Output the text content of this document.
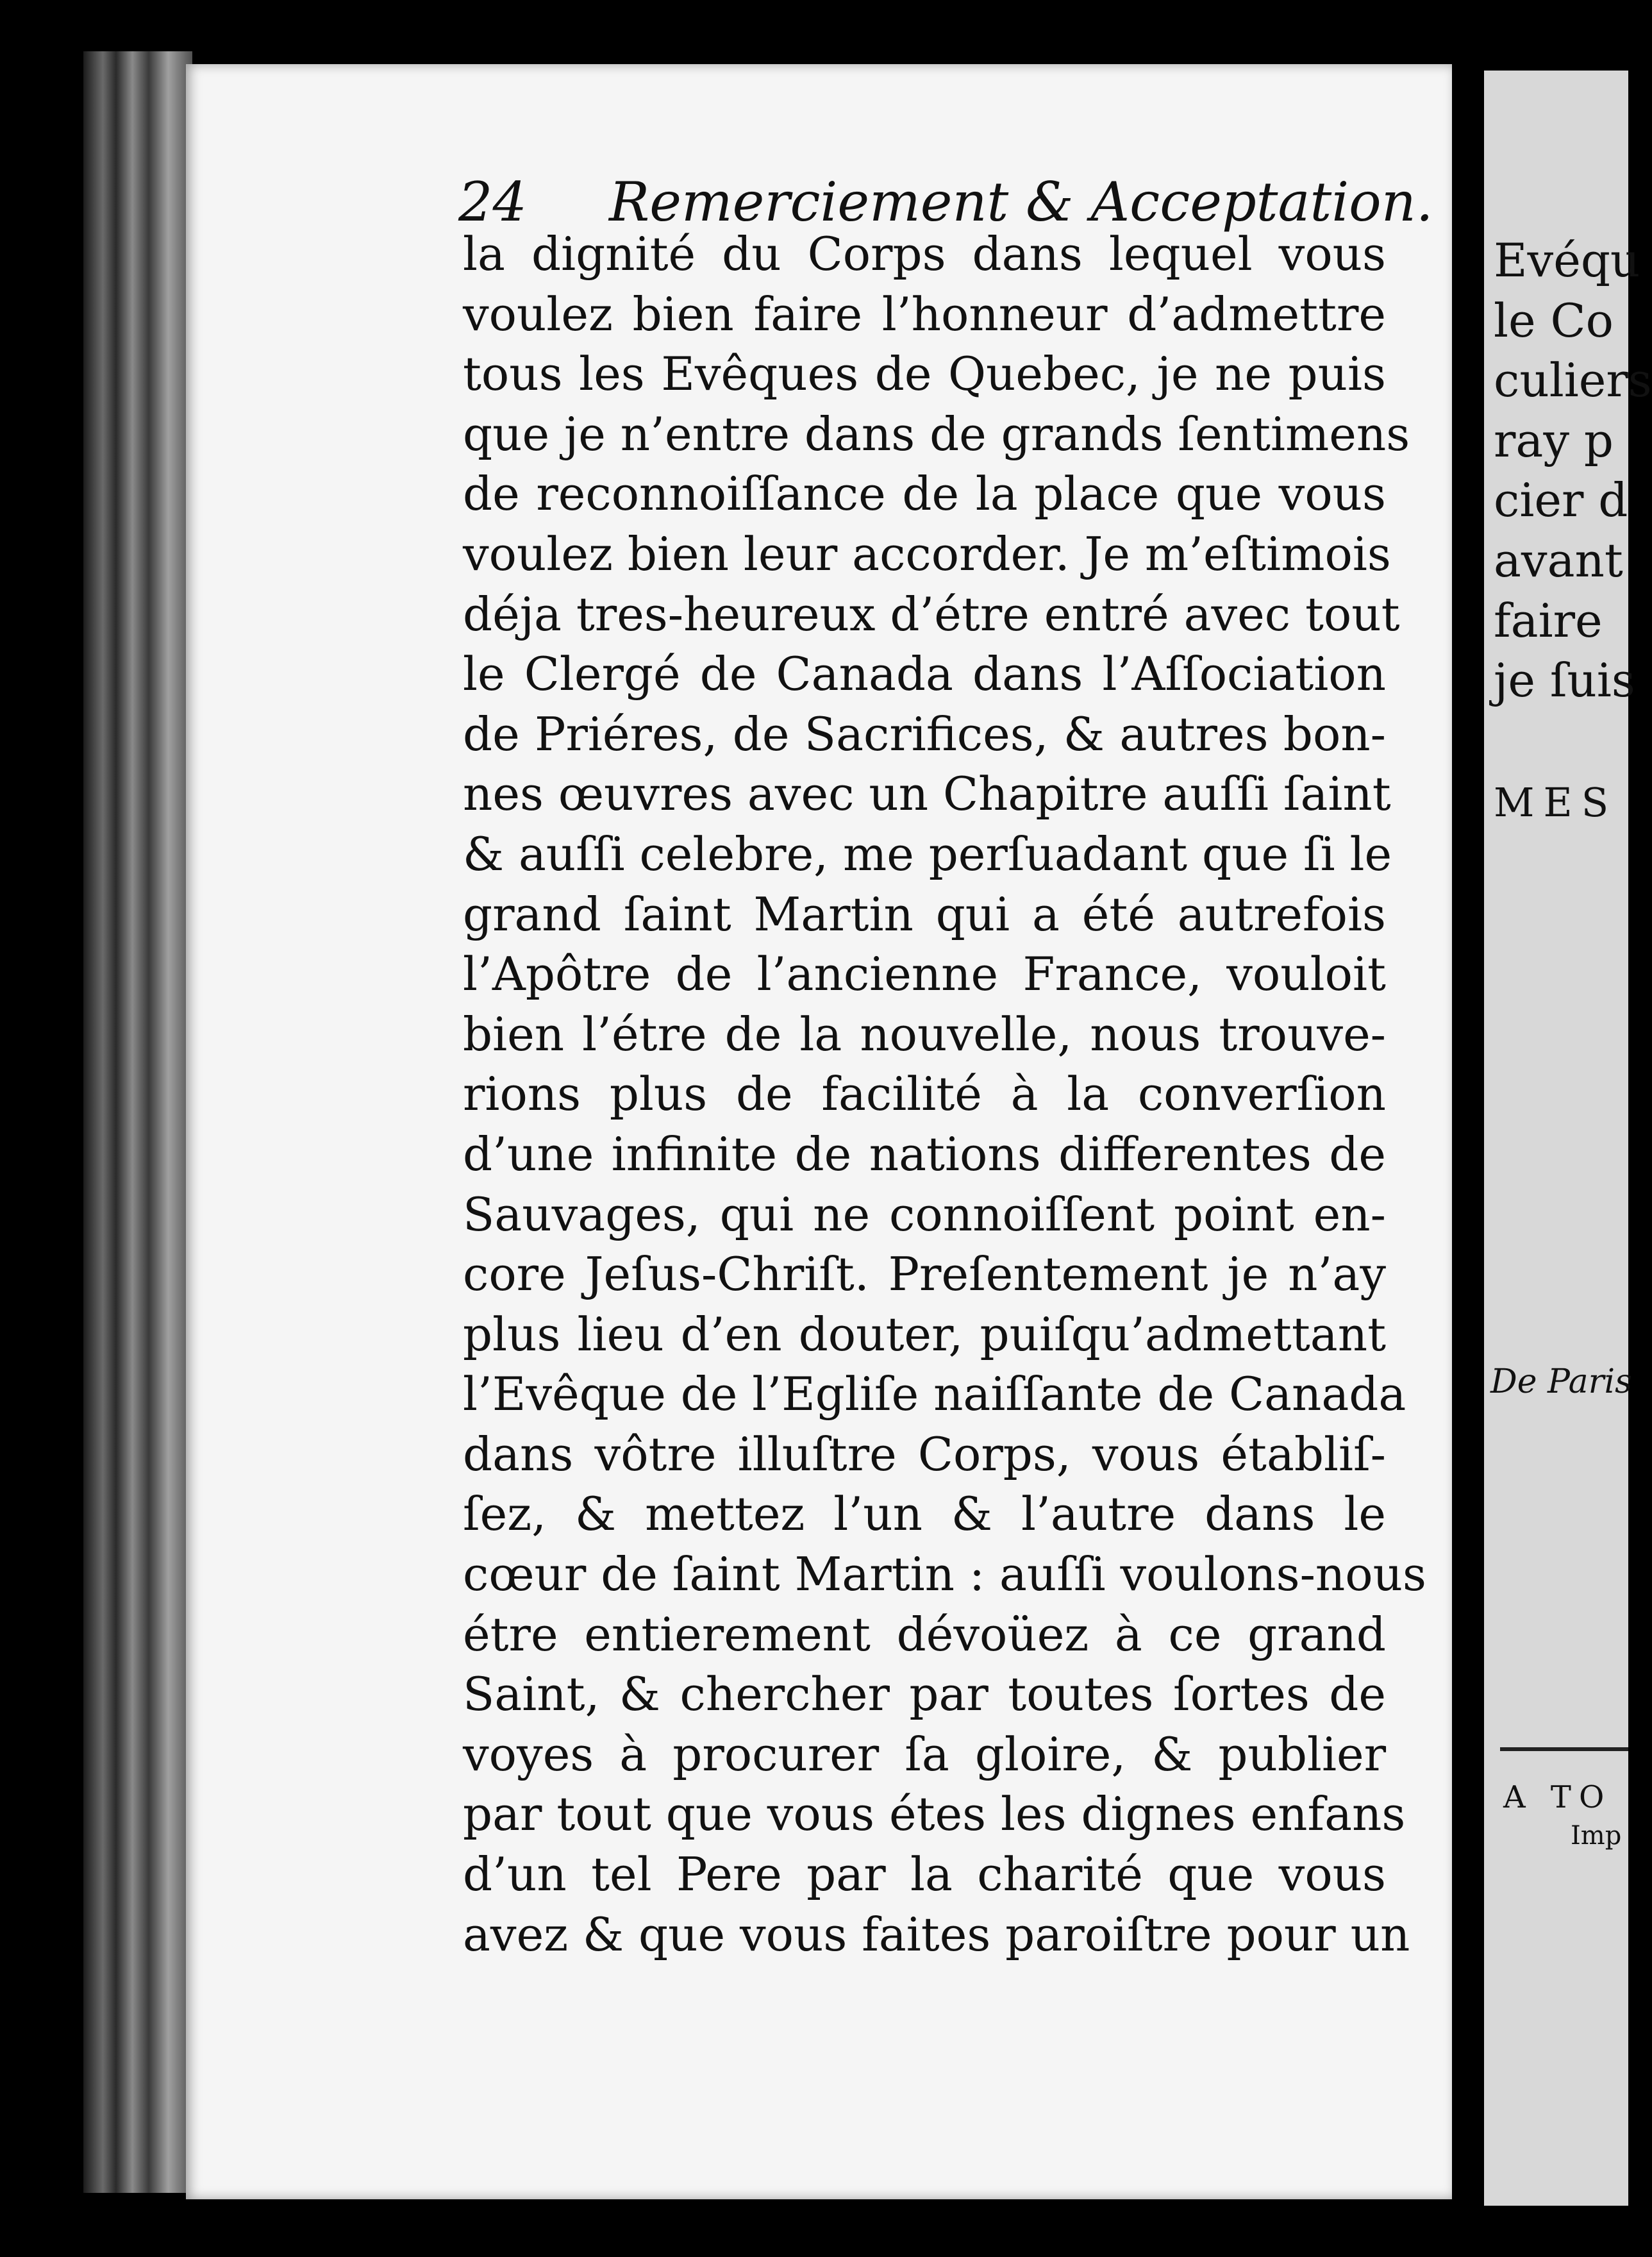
24 Remerciement & Acceptation.
la dignité du Corps dans lequel vous
voulez bien faire l’honneur d’admettre
tous les Evêques de Quebec, je ne puis
que je n’entre dans de grands ſentimens
de reconnoiſſance de la place que vous
voulez bien leur accorder. Je m’eſtimois
déja tres-heureux d’étre entré avec tout
le Clergé de Canada dans l’Aſſociation
de Priéres, de Sacrifices, & autres bon-
nes œuvres avec un Chapitre auſſi ſaint
& auſſi celebre, me perſuadant que ſi le
grand ſaint Martin qui a été autrefois
l’Apôtre de l’ancienne France, vouloit
bien l’étre de la nouvelle, nous trouve-
rions plus de facilité à la converſion
d’une infinite de nations differentes de
Sauvages, qui ne connoiſſent point en-
core Jeſus-Chriſt. Preſentement je n’ay
plus lieu d’en douter, puiſqu’admettant
l’Evêque de l’Egliſe naiſſante de Canada
dans vôtre illuſtre Corps, vous établiſ-
ſez, & mettez l’un & l’autre dans le
cœur de ſaint Martin : auſſi voulons-nous
étre entierement dévoüez à ce grand
Saint, & chercher par toutes ſortes de
voyes à procurer ſa gloire, & publier
par tout que vous étes les dignes enfans
d’un tel Pere par la charité que vous
avez & que vous faites paroiſtre pour un
Evéqu
le Co
culiers
ray p
cier d
avant
faire
je ſuis
MES
De Paris
A TO
Imp
